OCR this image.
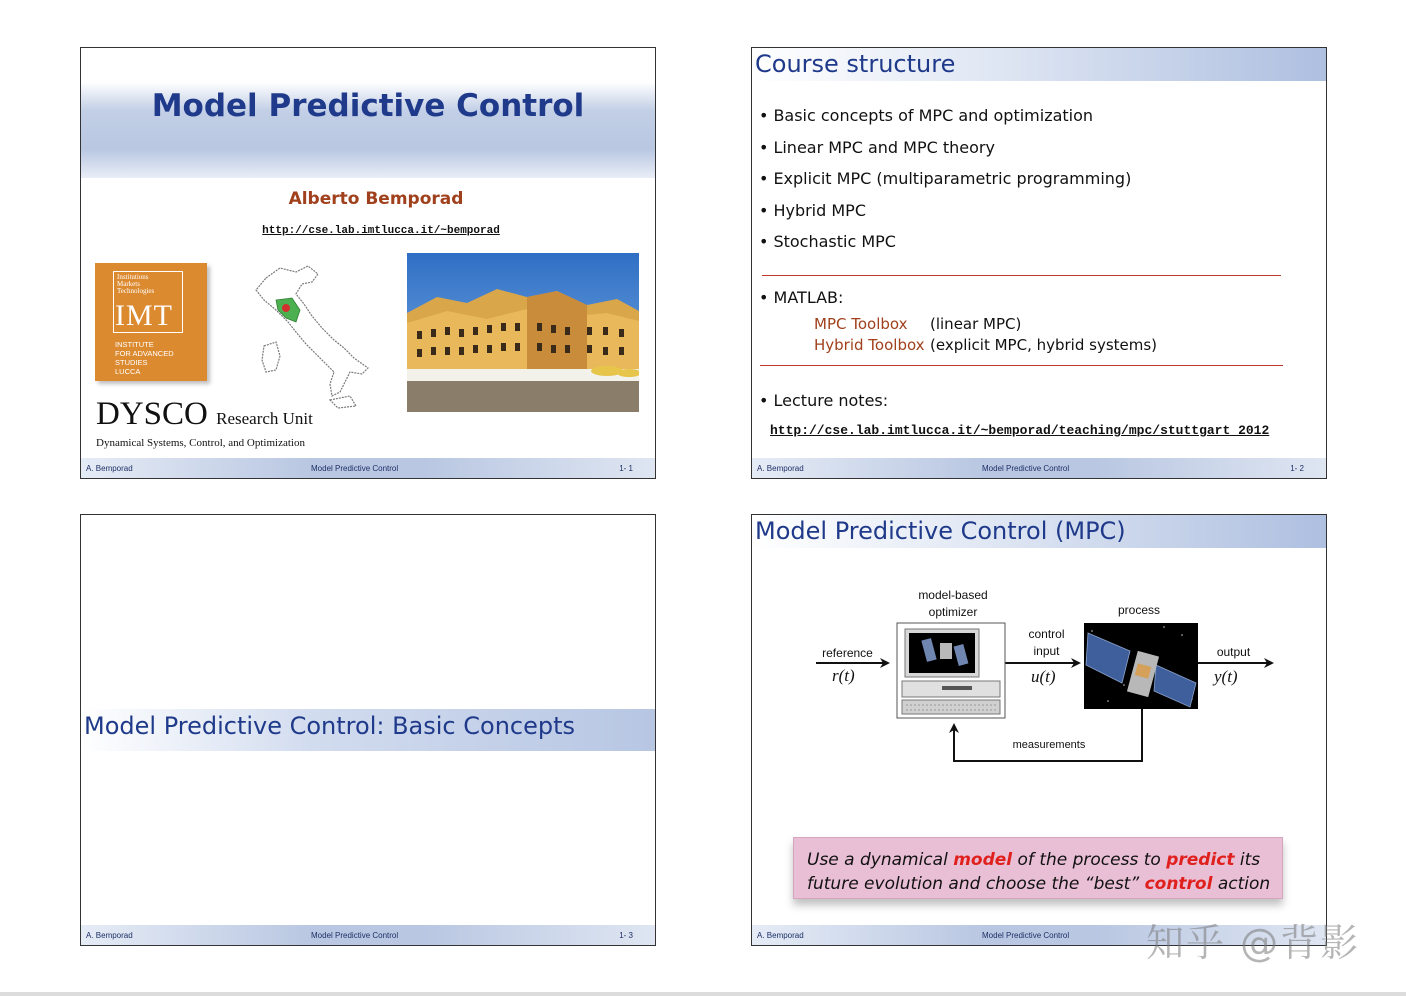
Model Predictive Control
Alberto Bemporad
http://cse.lab.imtlucca.it/~bemporad
Institutions
Markets
Technologies
IMT
INSTITUTE
FOR ADVANCED
STUDIES
LUCCA
DYSCO Research Unit
Dynamical Systems, Control, and Optimization
A. Bemporad	Model Predictive Control	1- 1
Course structure
• Basic concepts of MPC and optimization
• Linear MPC and MPC theory
• Explicit MPC (multiparametric programming)
• Hybrid MPC
• Stochastic MPC
• MATLAB:
MPC Toolbox (linear MPC)
Hybrid Toolbox (explicit MPC, hybrid systems)
• Lecture notes:
http://cse.lab.imtlucca.it/~bemporad/teaching/mpc/stuttgart_2012
A. Bemporad	Model Predictive Control	1- 2
Model Predictive Control: Basic Concepts
A. Bemporad	Model Predictive Control	1- 3
Model Predictive Control (MPC)
model-based
optimizer	process
reference
r(t)
control
input
u(t)
output
y(t)
measurements
Use a dynamical model of the process to predict its future evolution and choose the “best” control action
A. Bemporad	Model Predictive Control 知乎 @背影
